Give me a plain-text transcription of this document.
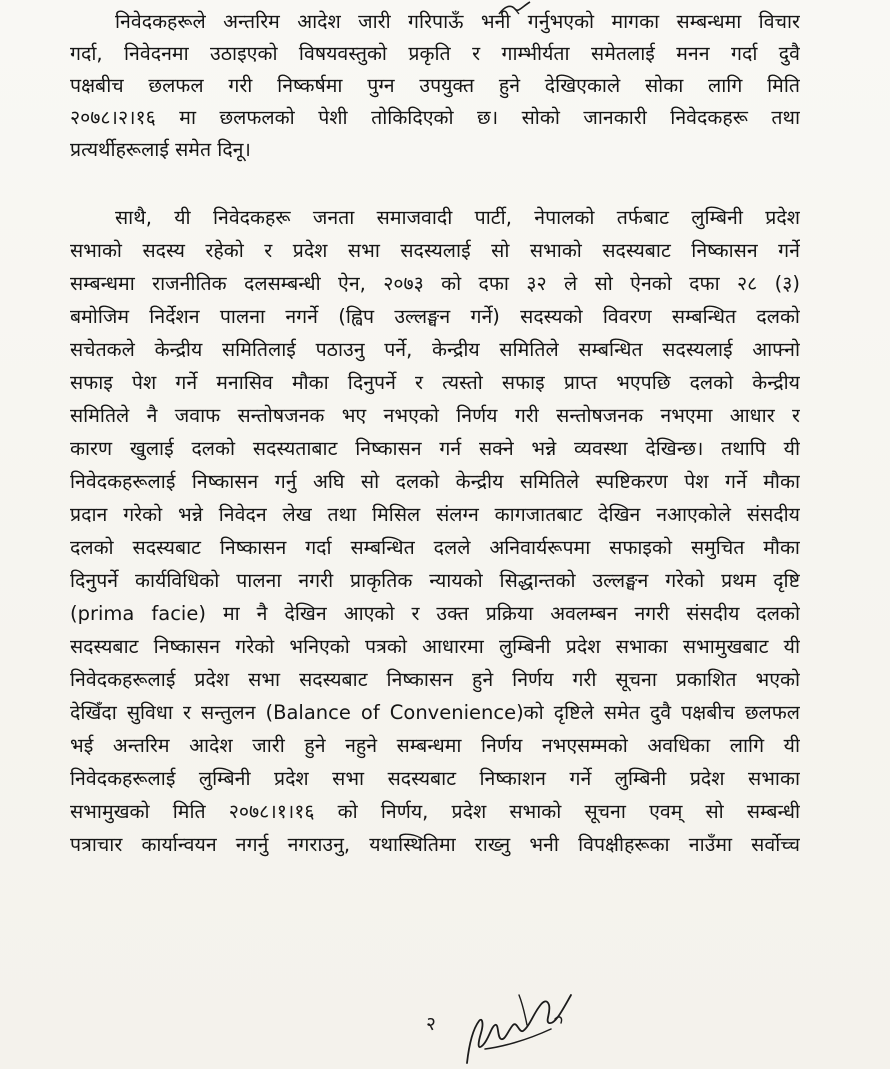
निवेदकहरूले अन्तरिम आदेश जारी गरिपाऊँ भनी गर्नुभएको मागका सम्बन्धमा विचार
गर्दा, निवेदनमा उठाइएको विषयवस्तुको प्रकृति र गाम्भीर्यता समेतलाई मनन गर्दा दुवै
पक्षबीच छलफल गरी निष्कर्षमा पुग्न उपयुक्त हुने देखिएकाले सोका लागि मिति
२०७८।२।१६ मा छलफलको पेशी तोकिदिएको छ। सोको जानकारी निवेदकहरू तथा
प्रत्यर्थीहरूलाई समेत दिनू।
साथै, यी निवेदकहरू जनता समाजवादी पार्टी, नेपालको तर्फबाट लुम्बिनी प्रदेश
सभाको सदस्य रहेको र प्रदेश सभा सदस्यलाई सो सभाको सदस्यबाट निष्कासन गर्ने
सम्बन्धमा राजनीतिक दलसम्बन्धी ऐन, २०७३ को दफा ३२ ले सो ऐनको दफा २८ (३)
बमोजिम निर्देशन पालना नगर्ने (ह्विप उल्लङ्घन गर्ने) सदस्यको विवरण सम्बन्धित दलको
सचेतकले केन्द्रीय समितिलाई पठाउनु पर्ने, केन्द्रीय समितिले सम्बन्धित सदस्यलाई आफ्नो
सफाइ पेश गर्ने मनासिव मौका दिनुपर्ने र त्यस्तो सफाइ प्राप्त भएपछि दलको केन्द्रीय
समितिले नै जवाफ सन्तोषजनक भए नभएको निर्णय गरी सन्तोषजनक नभएमा आधार र
कारण खुलाई दलको सदस्यताबाट निष्कासन गर्न सक्ने भन्ने व्यवस्था देखिन्छ। तथापि यी
निवेदकहरूलाई निष्कासन गर्नु अघि सो दलको केन्द्रीय समितिले स्पष्टिकरण पेश गर्ने मौका
प्रदान गरेको भन्ने निवेदन लेख तथा मिसिल संलग्न कागजातबाट देखिन नआएकोले संसदीय
दलको सदस्यबाट निष्कासन गर्दा सम्बन्धित दलले अनिवार्यरूपमा सफाइको समुचित मौका
दिनुपर्ने कार्यविधिको पालना नगरी प्राकृतिक न्यायको सिद्धान्तको उल्लङ्घन गरेको प्रथम दृष्टि
(prima facie) मा नै देखिन आएको र उक्त प्रक्रिया अवलम्बन नगरी संसदीय दलको
सदस्यबाट निष्कासन गरेको भनिएको पत्रको आधारमा लुम्बिनी प्रदेश सभाका सभामुखबाट यी
निवेदकहरूलाई प्रदेश सभा सदस्यबाट निष्कासन हुने निर्णय गरी सूचना प्रकाशित भएको
देखिँदा सुविधा र सन्तुलन (Balance of Convenience)को दृष्टिले समेत दुवै पक्षबीच छलफल
भई अन्तरिम आदेश जारी हुने नहुने सम्बन्धमा निर्णय नभएसम्मको अवधिका लागि यी
निवेदकहरूलाई लुम्बिनी प्रदेश सभा सदस्यबाट निष्काशन गर्ने लुम्बिनी प्रदेश सभाका
सभामुखको मिति २०७८।१।१६ को निर्णय, प्रदेश सभाको सूचना एवम् सो सम्बन्धी
पत्राचार कार्यान्वयन नगर्नु नगराउनु, यथास्थितिमा राख्नु भनी विपक्षीहरूका नाउँमा सर्वोच्च
२
